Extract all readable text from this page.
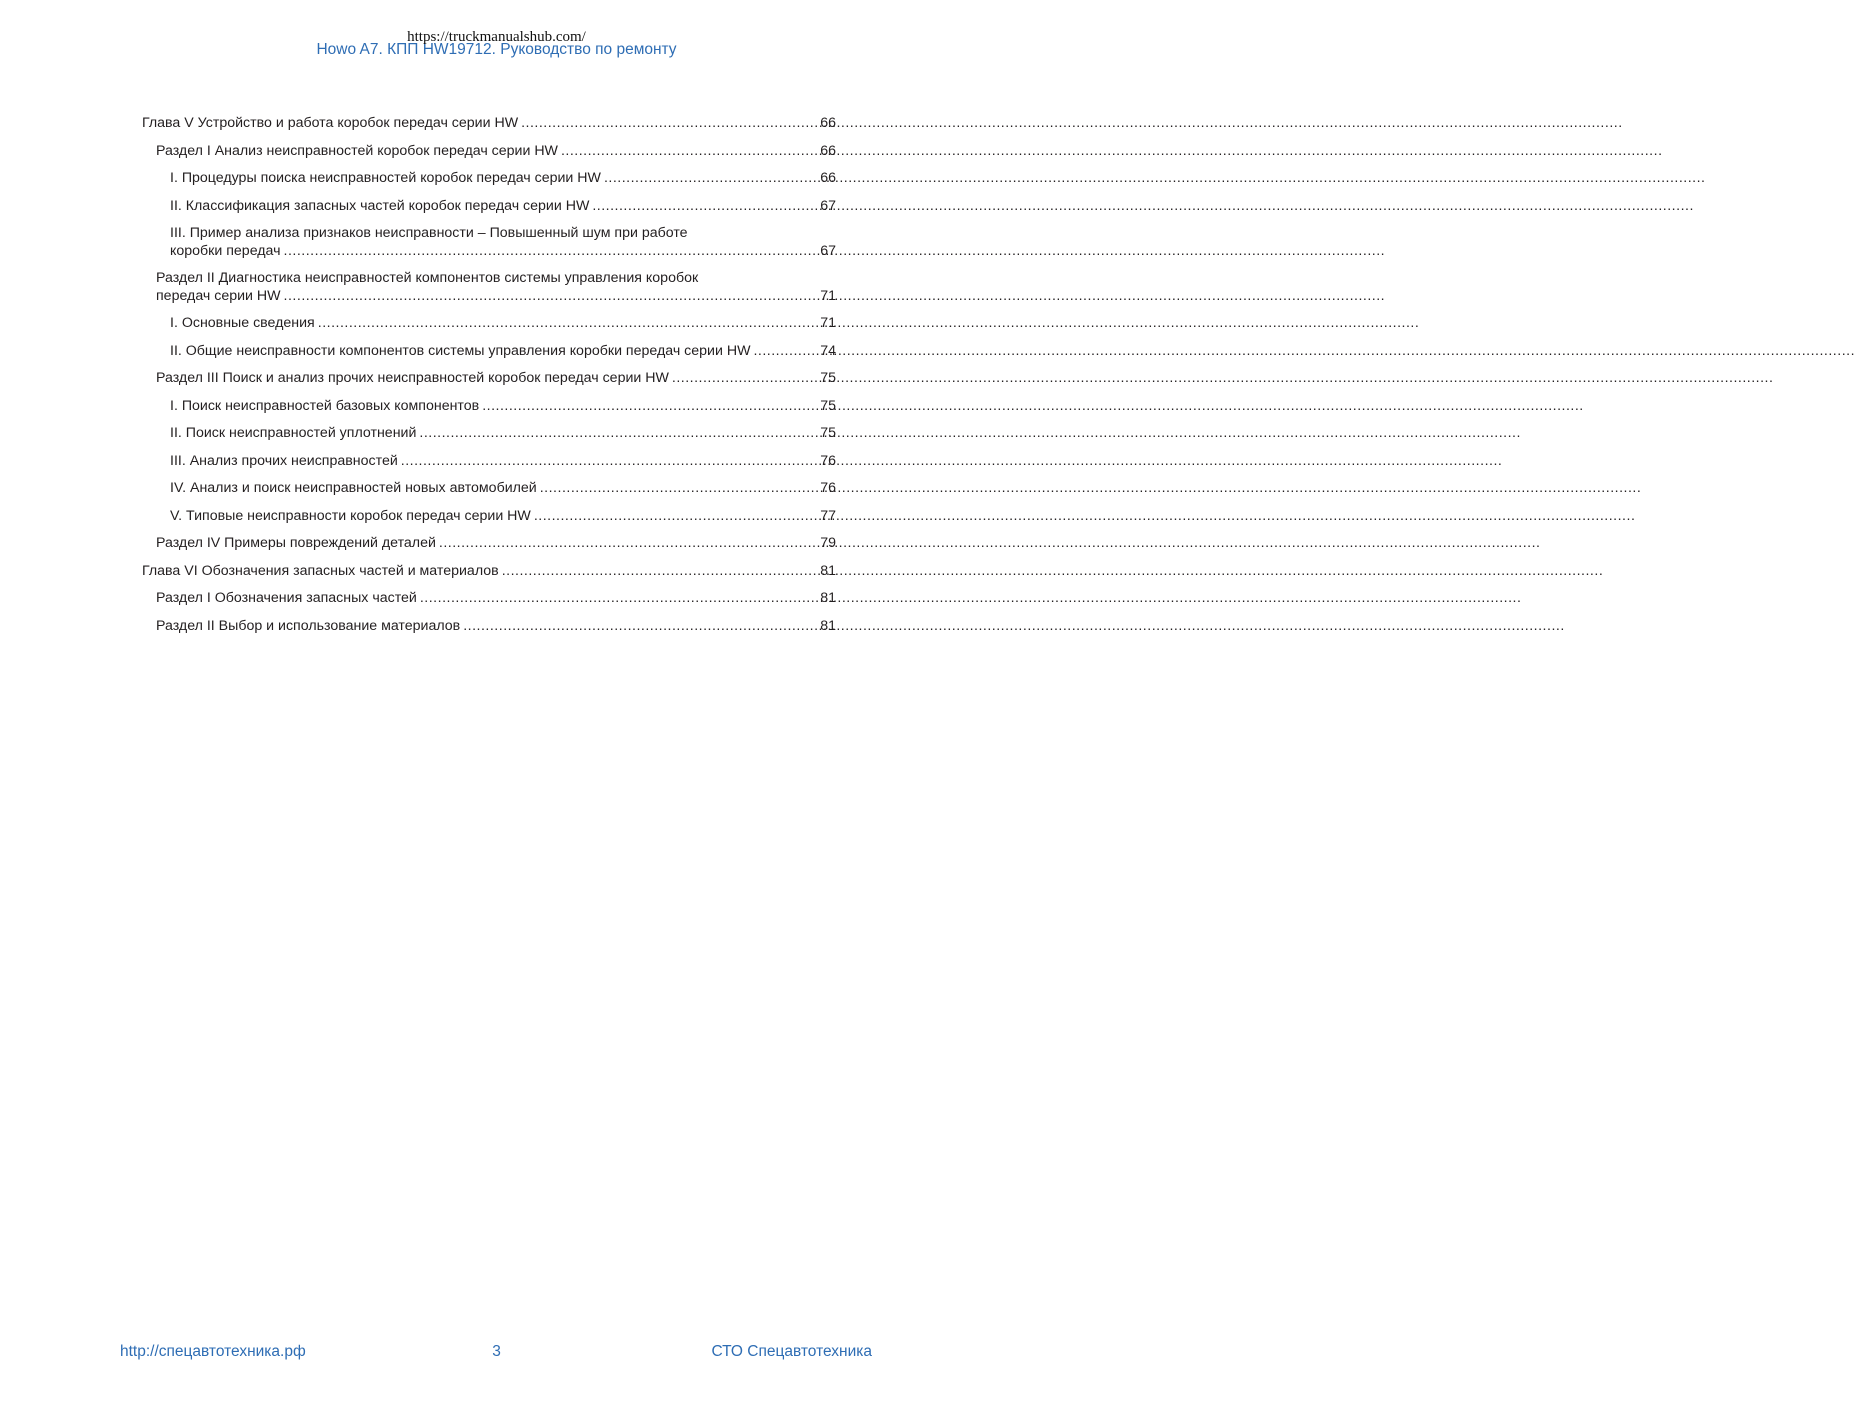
https://truckmanualshub.com/
Howo A7. КПП HW19712. Руководство по ремонту
Глава V Устройство и работа коробок передач серии HW .....	66
Раздел I Анализ неисправностей коробок передач серии HW .....	66
I. Процедуры поиска неисправностей коробок передач серии HW .....	66
II. Классификация запасных частей коробок передач серии HW .....	67
III. Пример анализа признаков неисправности – Повышенный шум при работе
коробки передач .....	67
Раздел II Диагностика неисправностей компонентов системы управления коробок
передач серии HW .....	71
I. Основные сведения .....	71
II. Общие неисправности компонентов системы управления коробки передач серии HW .....	74
Раздел III Поиск и анализ прочих неисправностей коробок передач серии HW .....	75
I. Поиск неисправностей базовых компонентов .....	75
II. Поиск неисправностей уплотнений .....	75
III. Анализ прочих неисправностей .....	76
IV. Анализ и поиск неисправностей новых автомобилей .....	76
V. Типовые неисправности коробок передач серии HW .....	77
Раздел IV Примеры повреждений деталей .....	79
Глава VI Обозначения запасных частей и материалов .....	81
Раздел I Обозначения запасных частей .....	81
Раздел II Выбор и использование материалов .....	81
http://спецавтотехника.рф	3	СТО Спецавтотехника
